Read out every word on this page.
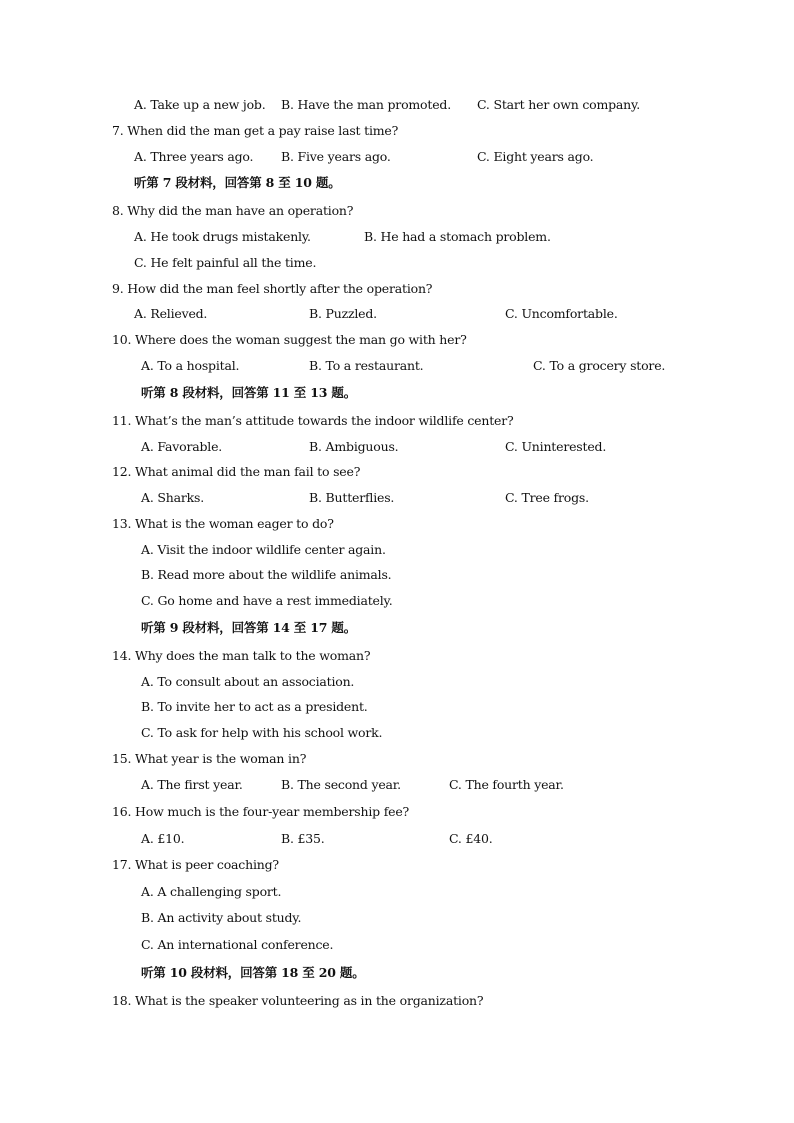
A. Take up a new job. B. Have the man promoted. C. Start her own company.
7. When did the man get a pay raise last time?
A. Three years ago. B. Five years ago.	C. Eight years ago.
听第 7 段材料，回答第 8 至 10 题。
8. Why did the man have an operation?
A. He took drugs mistakenly.	B. He had a stomach problem.
C. He felt painful all the time.
9. How did the man feel shortly after the operation?
A. Relieved.	B. Puzzled.	C. Uncomfortable.
10. Where does the woman suggest the man go with her?
A. To a hospital.	B. To a restaurant.	C. To a grocery store.
听第 8 段材料，回答第 11 至 13 题。
11. What’s the man’s attitude towards the indoor wildlife center?
A. Favorable.	B. Ambiguous.	C. Uninterested.
12. What animal did the man fail to see?
A. Sharks.	B. Butterflies.	C. Tree frogs.
13. What is the woman eager to do?
A. Visit the indoor wildlife center again.
B. Read more about the wildlife animals.
C. Go home and have a rest immediately.
听第 9 段材料，回答第 14 至 17 题。
14. Why does the man talk to the woman?
A. To consult about an association.
B. To invite her to act as a president.
C. To ask for help with his school work.
15. What year is the woman in?
A. The first year.	B. The second year.	C. The fourth year.
16. How much is the four-year membership fee?
A. £10.	B. £35.	C. £40.
17. What is peer coaching?
A. A challenging sport.
B. An activity about study.
C. An international conference.
听第 10 段材料，回答第 18 至 20 题。
18. What is the speaker volunteering as in the organization?
